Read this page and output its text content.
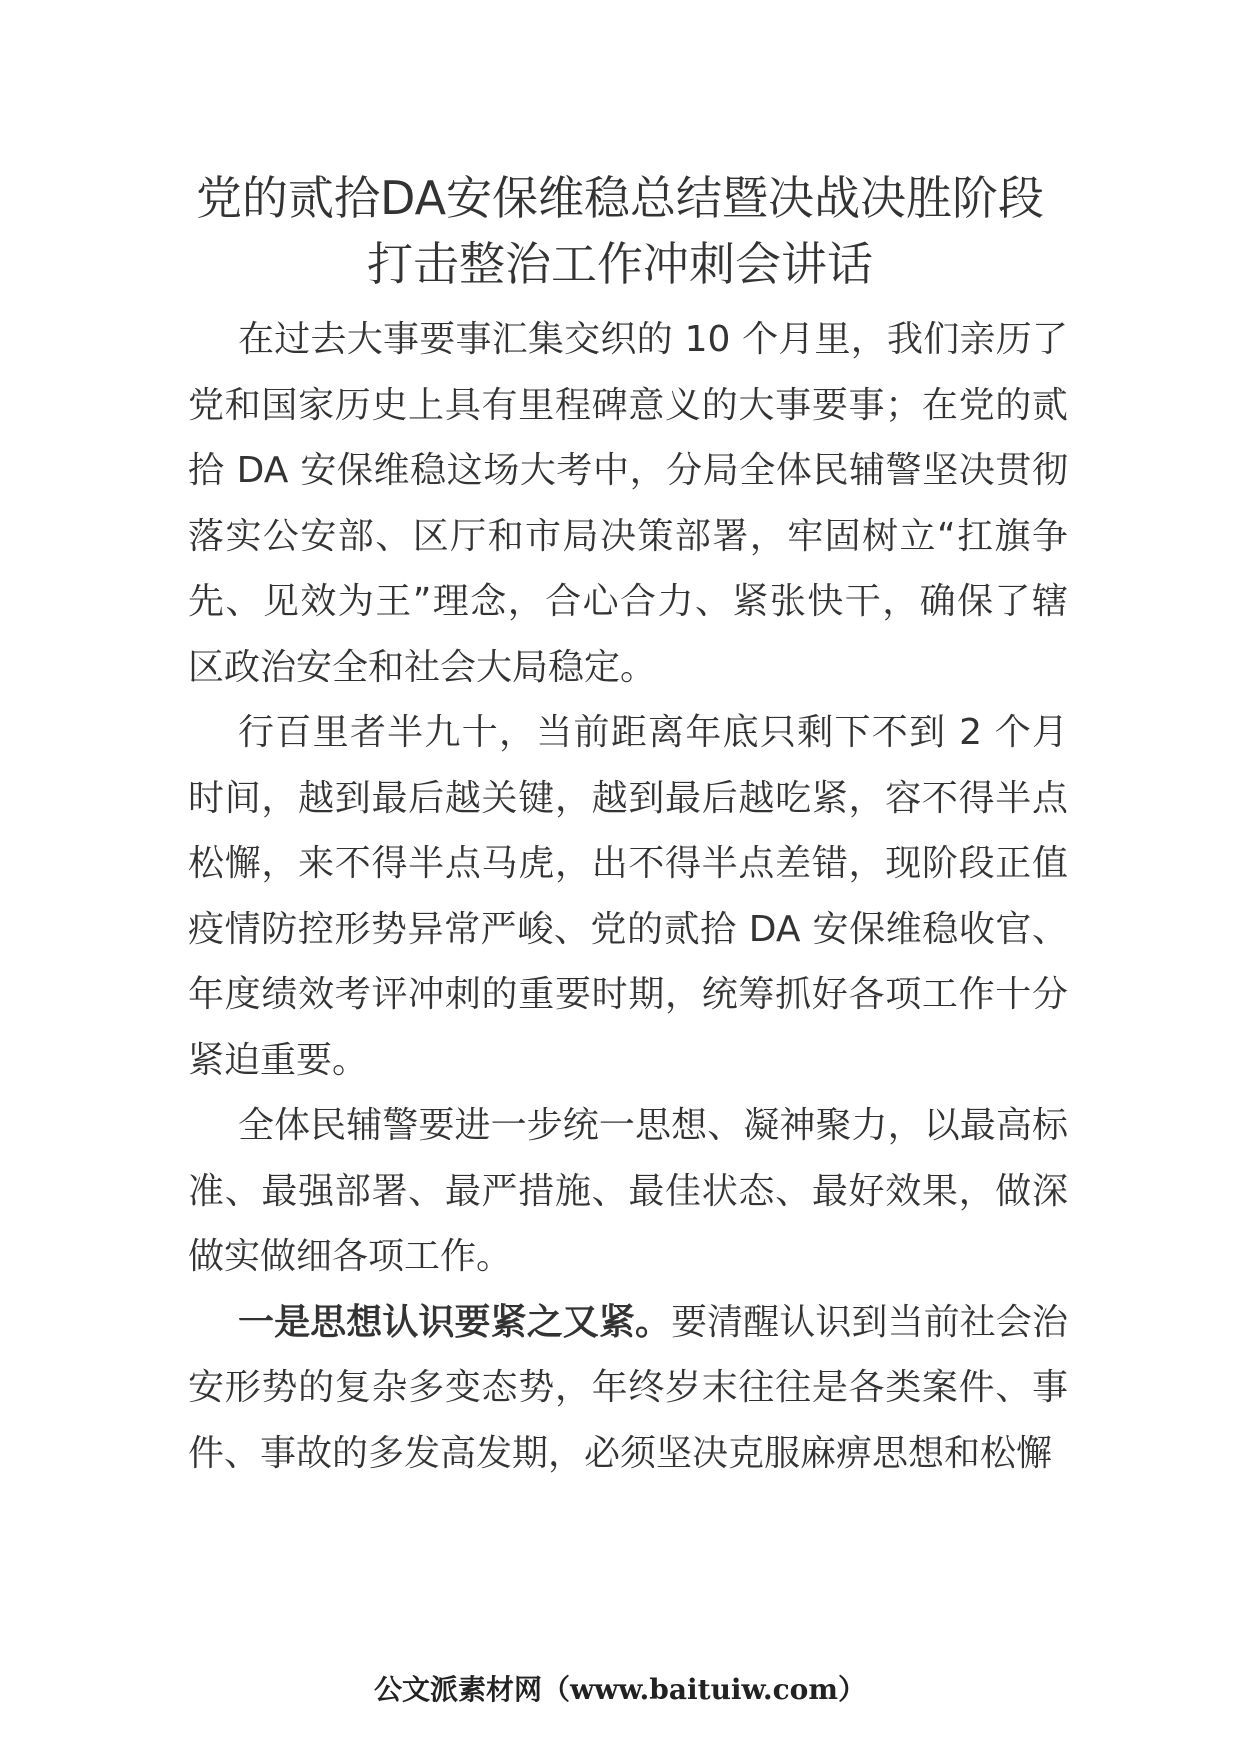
党的贰拾DA安保维稳总结暨决战决胜阶段
打击整治工作冲刺会讲话

在过去大事要事汇集交织的 10 个月里，我们亲历了党和国家历史上具有里程碑意义的大事要事；在党的贰拾 DA 安保维稳这场大考中，分局全体民辅警坚决贯彻落实公安部、区厅和市局决策部署，牢固树立“扛旗争先、见效为王”理念，合心合力、紧张快干，确保了辖区政治安全和社会大局稳定。

行百里者半九十，当前距离年底只剩下不到 2 个月时间，越到最后越关键，越到最后越吃紧，容不得半点松懈，来不得半点马虎，出不得半点差错，现阶段正值疫情防控形势异常严峻、党的贰拾 DA 安保维稳收官、年度绩效考评冲刺的重要时期，统筹抓好各项工作十分紧迫重要。

全体民辅警要进一步统一思想、凝神聚力，以最高标准、最强部署、最严措施、最佳状态、最好效果，做深做实做细各项工作。

一是思想认识要紧之又紧。要清醒认识到当前社会治安形势的复杂多变态势，年终岁末往往是各类案件、事件、事故的多发高发期，必须坚决克服麻痹思想和松懈

公文派素材网（www.baituiw.com）
